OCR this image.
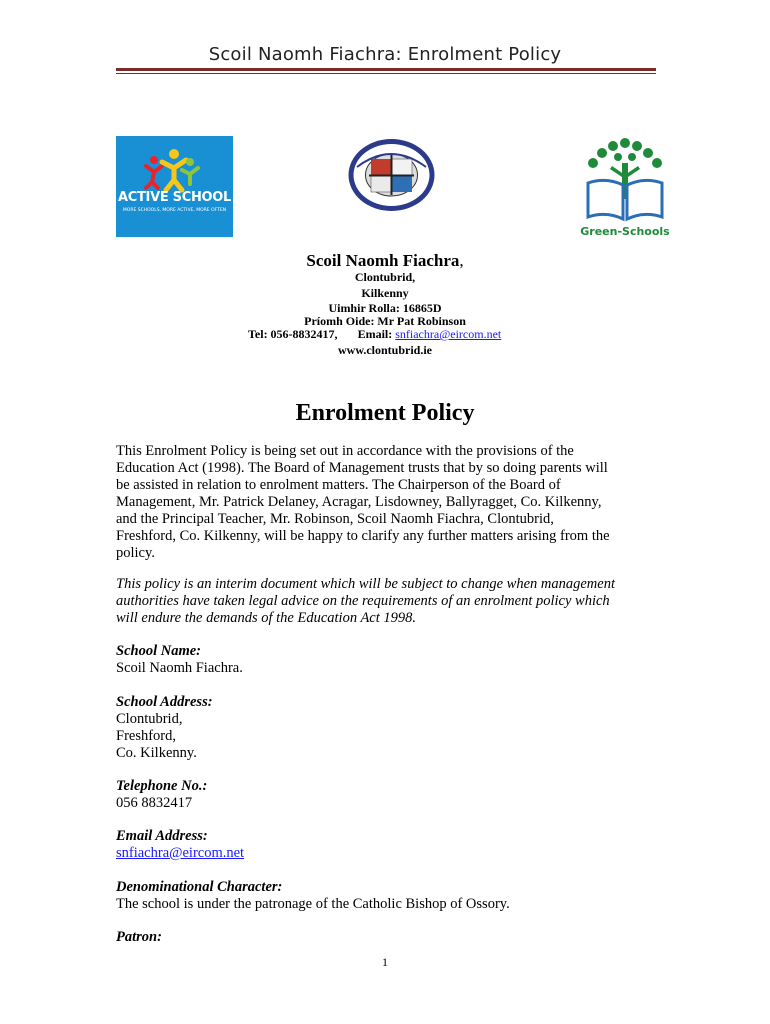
Scoil Naomh Fiachra: Enrolment Policy
ACTIVE SCHOOL
MORE SCHOOLS, MORE ACTIVE, MORE OFTEN
Green-Schools
Scoil Naomh Fiachra,
Clontubrid,
Kilkenny
Uimhir Rolla: 16865D
Príomh Oide: Mr Pat Robinson
Tel: 056-8832417, Email: snfiachra@eircom.net
www.clontubrid.ie
Enrolment Policy
This Enrolment Policy is being set out in accordance with the provisions of the
Education Act (1998). The Board of Management trusts that by so doing parents will
be assisted in relation to enrolment matters. The Chairperson of the Board of
Management, Mr. Patrick Delaney, Acragar, Lisdowney, Ballyragget, Co. Kilkenny,
and the Principal Teacher, Mr. Robinson, Scoil Naomh Fiachra, Clontubrid,
Freshford, Co. Kilkenny, will be happy to clarify any further matters arising from the
policy.
This policy is an interim document which will be subject to change when management
authorities have taken legal advice on the requirements of an enrolment policy which
will endure the demands of the Education Act 1998.
School Name:
Scoil Naomh Fiachra.
School Address:
Clontubrid,
Freshford,
Co. Kilkenny.
Telephone No.:
056 8832417
Email Address:
snfiachra@eircom.net
Denominational Character:
The school is under the patronage of the Catholic Bishop of Ossory.
Patron:
1
